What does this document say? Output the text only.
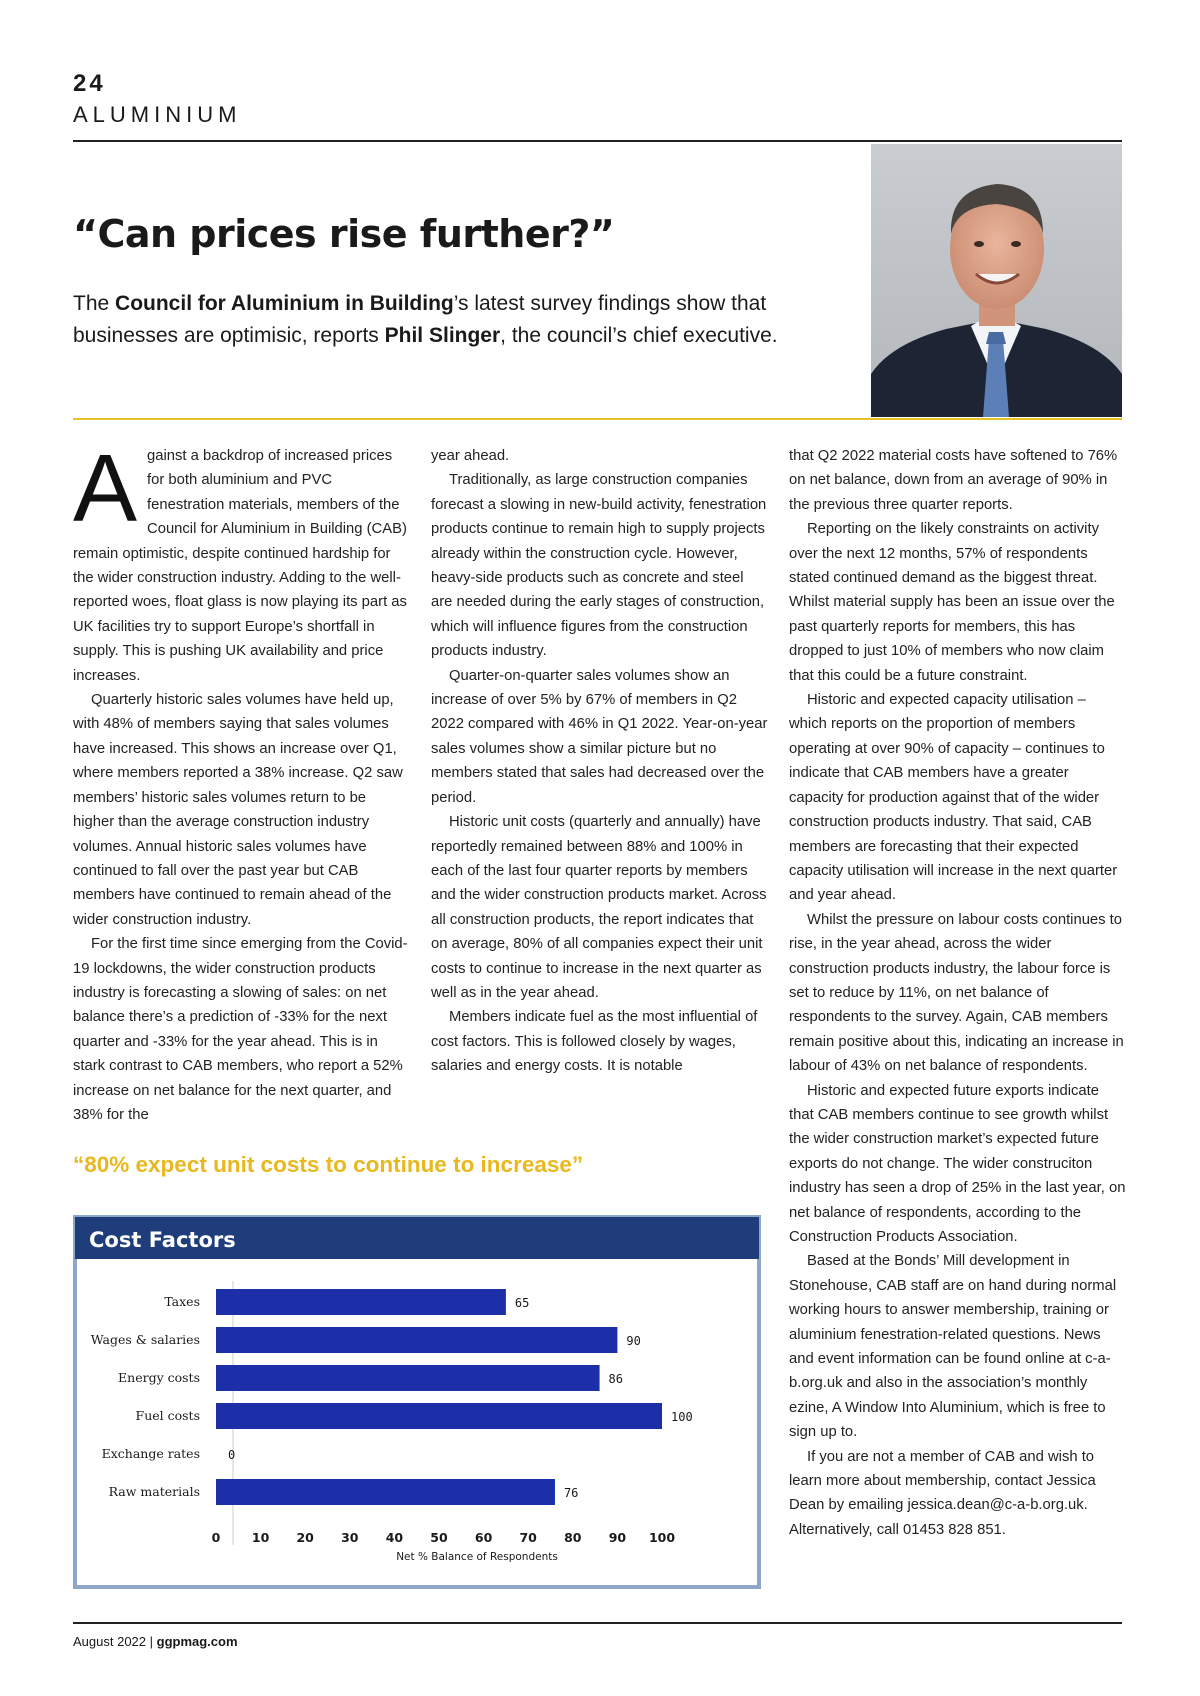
24
ALUMINIUM
“Can prices rise further?”
The Council for Aluminium in Building’s latest survey findings show that businesses are optimisic, reports Phil Slinger, the council’s chief executive.

Against a backdrop of increased prices for both aluminium and PVC fenestration materials, members of the Council for Aluminium in Building (CAB) remain optimistic, despite continued hardship for the wider construction industry. Adding to the well-reported woes, float glass is now playing its part as UK facilities try to support Europe’s shortfall in supply. This is pushing UK availability and price increases.

Quarterly historic sales volumes have held up, with 48% of members saying that sales volumes have increased. This shows an increase over Q1, where members reported a 38% increase. Q2 saw members’ historic sales volumes return to be higher than the average construction industry volumes. Annual historic sales volumes have continued to fall over the past year but CAB members have continued to remain ahead of the wider construction industry.

For the first time since emerging from the Covid-19 lockdowns, the wider construction products industry is forecasting a slowing of sales: on net balance there’s a prediction of -33% for the next quarter and -33% for the year ahead. This is in stark contrast to CAB members, who report a 52% increase on net balance for the next quarter, and 38% for the

year ahead.

Traditionally, as large construction companies forecast a slowing in new-build activity, fenestration products continue to remain high to supply projects already within the construction cycle. However, heavy-side products such as concrete and steel are needed during the early stages of construction, which will influence figures from the construction products industry.

Quarter-on-quarter sales volumes show an increase of over 5% by 67% of members in Q2 2022 compared with 46% in Q1 2022. Year-on-year sales volumes show a similar picture but no members stated that sales had decreased over the period.

Historic unit costs (quarterly and annually) have reportedly remained between 88% and 100% in each of the last four quarter reports by members and the wider construction products market. Across all construction products, the report indicates that on average, 80% of all companies expect their unit costs to continue to increase in the next quarter as well as in the year ahead.

Members indicate fuel as the most influential of cost factors. This is followed closely by wages, salaries and energy costs. It is notable

that Q2 2022 material costs have softened to 76% on net balance, down from an average of 90% in the previous three quarter reports.

Reporting on the likely constraints on activity over the next 12 months, 57% of respondents stated continued demand as the biggest threat. Whilst material supply has been an issue over the past quarterly reports for members, this has dropped to just 10% of members who now claim that this could be a future constraint.

Historic and expected capacity utilisation – which reports on the proportion of members operating at over 90% of capacity – continues to indicate that CAB members have a greater capacity for production against that of the wider construction products industry. That said, CAB members are forecasting that their expected capacity utilisation will increase in the next quarter and year ahead.

Whilst the pressure on labour costs continues to rise, in the year ahead, across the wider construction products industry, the labour force is set to reduce by 11%, on net balance of respondents to the survey. Again, CAB members remain positive about this, indicating an increase in labour of 43% on net balance of respondents.

Historic and expected future exports indicate that CAB members continue to see growth whilst the wider construction market’s expected future exports do not change. The wider construciton industry has seen a drop of 25% in the last year, on net balance of respondents, according to the Construction Products Association.

Based at the Bonds’ Mill development in Stonehouse, CAB staff are on hand during normal working hours to answer membership, training or aluminium fenestration-related questions. News and event information can be found online at c-a-b.org.uk and also in the association’s monthly ezine, A Window Into Aluminium, which is free to sign up to.

If you are not a member of CAB and wish to learn more about membership, contact Jessica Dean by emailing jessica.dean@c-a-b.org.uk. Alternatively, call 01453 828 851.

“80% expect unit costs to continue to increase”
Cost Factors
Taxes	65
Wages & salaries	90
Energy costs	86
Fuel costs	100
Exchange rates 0
Raw materials	76
0	10 20 30 40 50 60 70 80 90 100
Net % Balance of Respondents
August 2022 | ggpmag.com
